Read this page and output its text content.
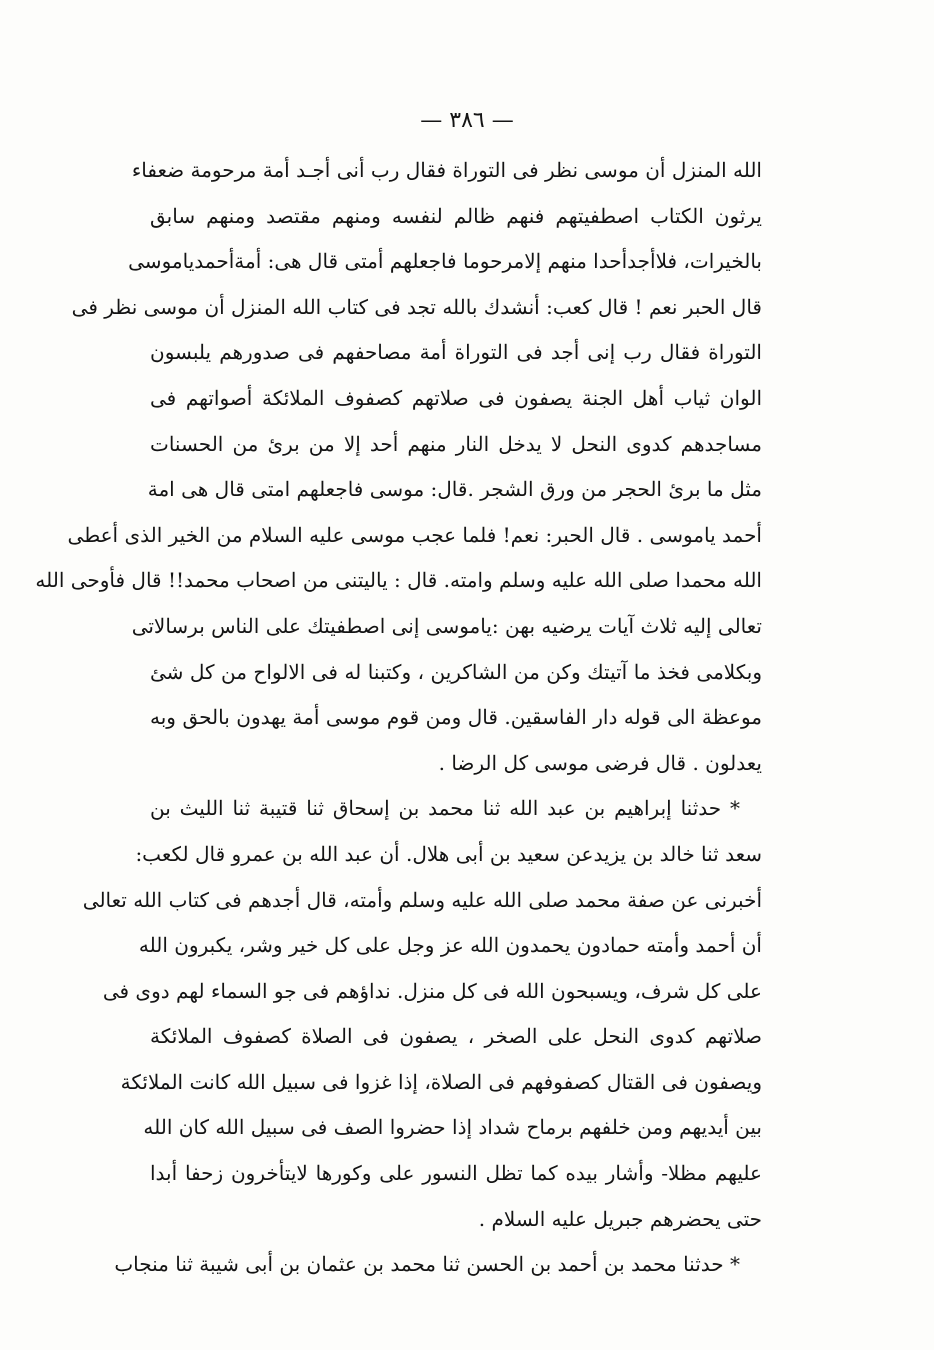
— ٣٨٦ —
الله المنزل أن موسى نظر فى التوراة فقال رب أنى أجـد أمة مرحومة ضعفاء
يرثون الكتاب اصطفيتهم فنهم ظالم لنفسه ومنهم مقتصد ومنهم سابق
بالخيرات، فلاأجدأحدا منهم إلامرحوما فاجعلهم أمتى قال هى: أمةأحمدياموسى
قال الحبر نعم ! قال كعب: أنشدك بالله تجد فى كتاب الله المنزل أن موسى نظر فى
التوراة فقال رب إنى أجد فى التوراة أمة مصاحفهم فى صدورهم يلبسون
الوان ثياب أهل الجنة يصفون فى صلاتهم كصفوف الملائكة أصواتهم فى
مساجدهم كدوى النحل لا يدخل النار منهم أحد إلا من برئ من الحسنات
مثل ما برئ الحجر من ورق الشجر .قال: موسى فاجعلهم امتى قال هى امة
أحمد ياموسى . قال الحبر: نعم! فلما عجب موسى عليه السلام من الخير الذى أعطى
الله محمدا صلى الله عليه وسلم وامته. قال : ياليتنى من اصحاب محمد!! قال فأوحى الله
تعالى إليه ثلاث آيات يرضيه بهن :ياموسى إنى اصطفيتك على الناس برسالاتى
وبكلامى فخذ ما آتيتك وكن من الشاكرين ، وكتبنا له فى الالواح من كل شئ
موعظة الى قوله دار الفاسقين. قال ومن قوم موسى أمة يهدون بالحق وبه
يعدلون . قال فرضى موسى كل الرضا .
* حدثنا إبراهيم بن عبد الله ثنا محمد بن إسحاق ثنا قتيبة ثنا الليث بن
سعد ثنا خالد بن يزيدعن سعيد بن أبى هلال. أن عبد الله بن عمرو قال لكعب:
أخبرنى عن صفة محمد صلى الله عليه وسلم وأمته، قال أجدهم فى كتاب الله تعالى
أن أحمد وأمته حمادون يحمدون الله عز وجل على كل خير وشر، يكبرون الله
على كل شرف، ويسبحون الله فى كل منزل. نداؤهم فى جو السماء لهم دوى فى
صلاتهم كدوى النحل على الصخر ، يصفون فى الصلاة كصفوف الملائكة
ويصفون فى القتال كصفوفهم فى الصلاة، إذا غزوا فى سبيل الله كانت الملائكة
بين أيديهم ومن خلفهم برماح شداد إذا حضروا الصف فى سبيل الله كان الله
عليهم مظلا- وأشار بيده كما تظل النسور على وكورها لايتأخرون زحفا أبدا
حتى يحضرهم جبريل عليه السلام .
* حدثنا محمد بن أحمد بن الحسن ثنا محمد بن عثمان بن أبى شيبة ثنا منجاب
